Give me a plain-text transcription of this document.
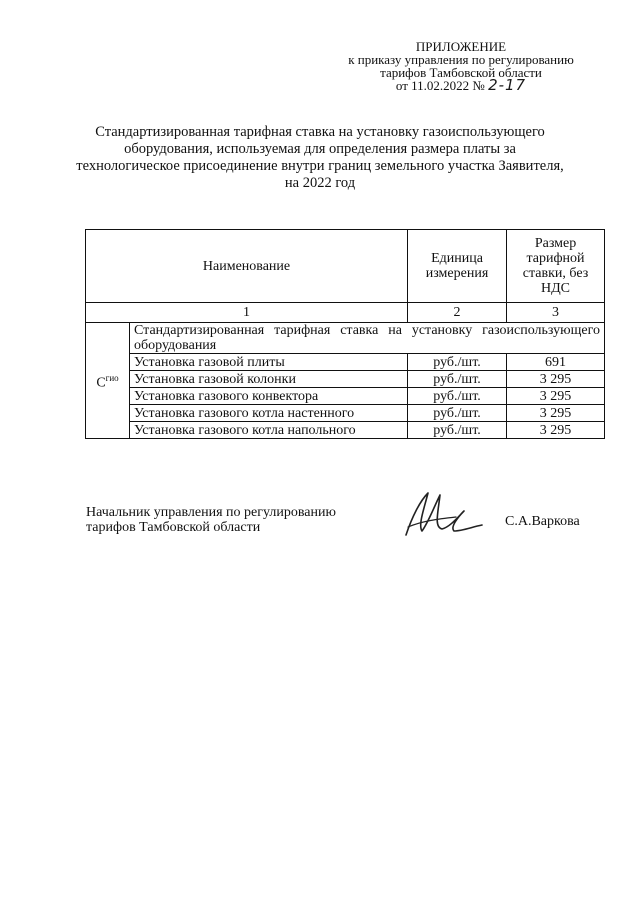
ПРИЛОЖЕНИЕ
к приказу управления по регулированию
тарифов Тамбовской области
от 11.02.2022 № 2-17
Стандартизированная тарифная ставка на установку газоиспользующего
оборудования, используемая для определения размера платы за
технологическое присоединение внутри границ земельного участка Заявителя,
на 2022 год
Наименование		Единица измерения	Размер тарифной ставки, без НДС
1		2	3
$С^{гио}$	Стандартизированная тарифная ставка на установку газоиспользующего оборудования		
	Установка газовой плиты	руб./шт.	691
	Установка газовой колонки	руб./шт.	3 295
	Установка газового конвектора	руб./шт.	3 295
	Установка газового котла настенного	руб./шт.	3 295
	Установка газового котла напольного	руб./шт.	3 295
Начальник управления по регулированию
тарифов Тамбовской области	С.А.Варкова
